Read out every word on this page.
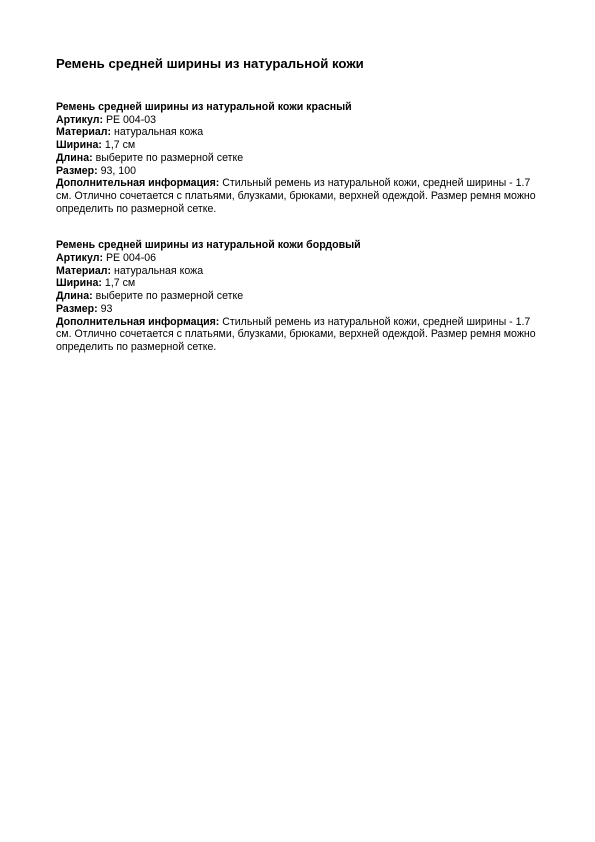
Ремень средней ширины из натуральной кожи

Ремень средней ширины из натуральной кожи красный

Артикул: PE 004-03

Материал: натуральная кожа

Ширина: 1,7 см

Длина: выберите по размерной сетке

Размер: 93, 100

Дополнительная информация: Стильный ремень из натуральной кожи, средней ширины - 1.7 см. Отлично сочетается с платьями, блузками, брюками, верхней одеждой. Размер ремня можно определить по размерной сетке.

Ремень средней ширины из натуральной кожи бордовый

Артикул: PE 004-06

Материал: натуральная кожа

Ширина: 1,7 см

Длина: выберите по размерной сетке

Размер: 93

Дополнительная информация: Стильный ремень из натуральной кожи, средней ширины - 1.7 см. Отлично сочетается с платьями, блузками, брюками, верхней одеждой. Размер ремня можно определить по размерной сетке.
